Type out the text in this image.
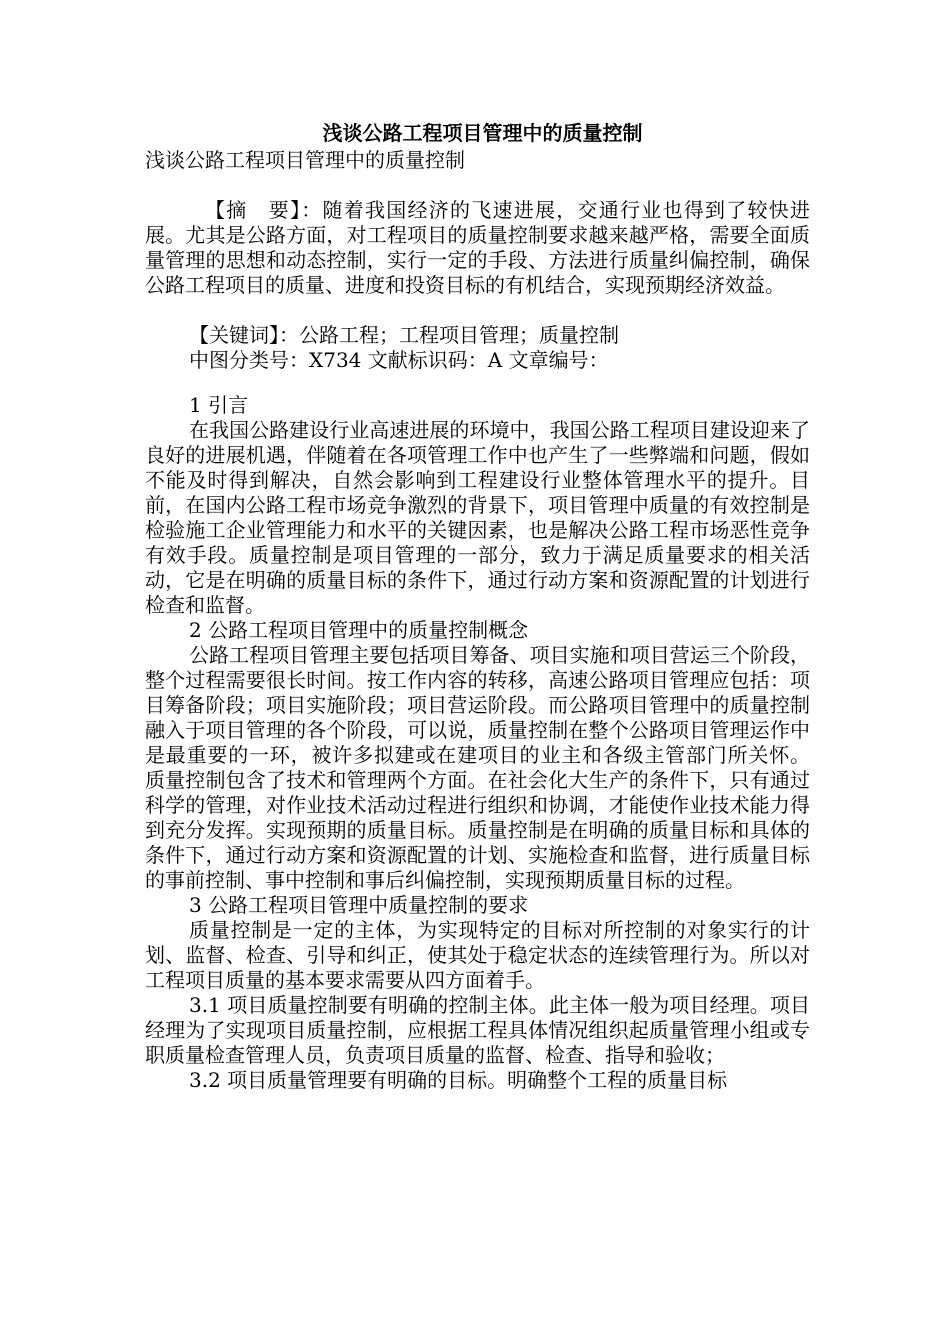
浅谈公路工程项目管理中的质量控制

浅谈公路工程项目管理中的质量控制

【摘　要】：随着我国经济的飞速进展，交通行业也得到了较快进展。尤其是公路方面，对工程项目的质量控制要求越来越严格，需要全面质量管理的思想和动态控制，实行一定的手段、方法进行质量纠偏控制，确保公路工程项目的质量、进度和投资目标的有机结合，实现预期经济效益。

【关键词】：公路工程；工程项目管理；质量控制

中图分类号：X734 文献标识码：A 文章编号：

1 引言

在我国公路建设行业高速进展的环境中，我国公路工程项目建设迎来了良好的进展机遇，伴随着在各项管理工作中也产生了一些弊端和问题，假如不能及时得到解决，自然会影响到工程建设行业整体管理水平的提升。目前，在国内公路工程市场竞争激烈的背景下，项目管理中质量的有效控制是检验施工企业管理能力和水平的关键因素，也是解决公路工程市场恶性竞争有效手段。质量控制是项目管理的一部分，致力于满足质量要求的相关活动，它是在明确的质量目标的条件下，通过行动方案和资源配置的计划进行检查和监督。

2 公路工程项目管理中的质量控制概念

公路工程项目管理主要包括项目筹备、项目实施和项目营运三个阶段，整个过程需要很长时间。按工作内容的转移，高速公路项目管理应包括：项目筹备阶段；项目实施阶段；项目营运阶段。而公路项目管理中的质量控制融入于项目管理的各个阶段，可以说，质量控制在整个公路项目管理运作中是最重要的一环，被许多拟建或在建项目的业主和各级主管部门所关怀。 质量控制包含了技术和管理两个方面。在社会化大生产的条件下，只有通过科学的管理，对作业技术活动过程进行组织和协调，才能使作业技术能力得到充分发挥。实现预期的质量目标。质量控制是在明确的质量目标和具体的条件下，通过行动方案和资源配置的计划、实施检查和监督，进行质量目标的事前控制、事中控制和事后纠偏控制，实现预期质量目标的过程。

3 公路工程项目管理中质量控制的要求

质量控制是一定的主体，为实现特定的目标对所控制的对象实行的计划、监督、检查、引导和纠正，使其处于稳定状态的连续管理行为。所以对工程项目质量的基本要求需要从四方面着手。

3.1 项目质量控制要有明确的控制主体。此主体一般为项目经理。项目经理为了实现项目质量控制，应根据工程具体情况组织起质量管理小组或专职质量检查管理人员，负责项目质量的监督、检查、指导和验收；

3.2 项目质量管理要有明确的目标。明确整个工程的质量目标
